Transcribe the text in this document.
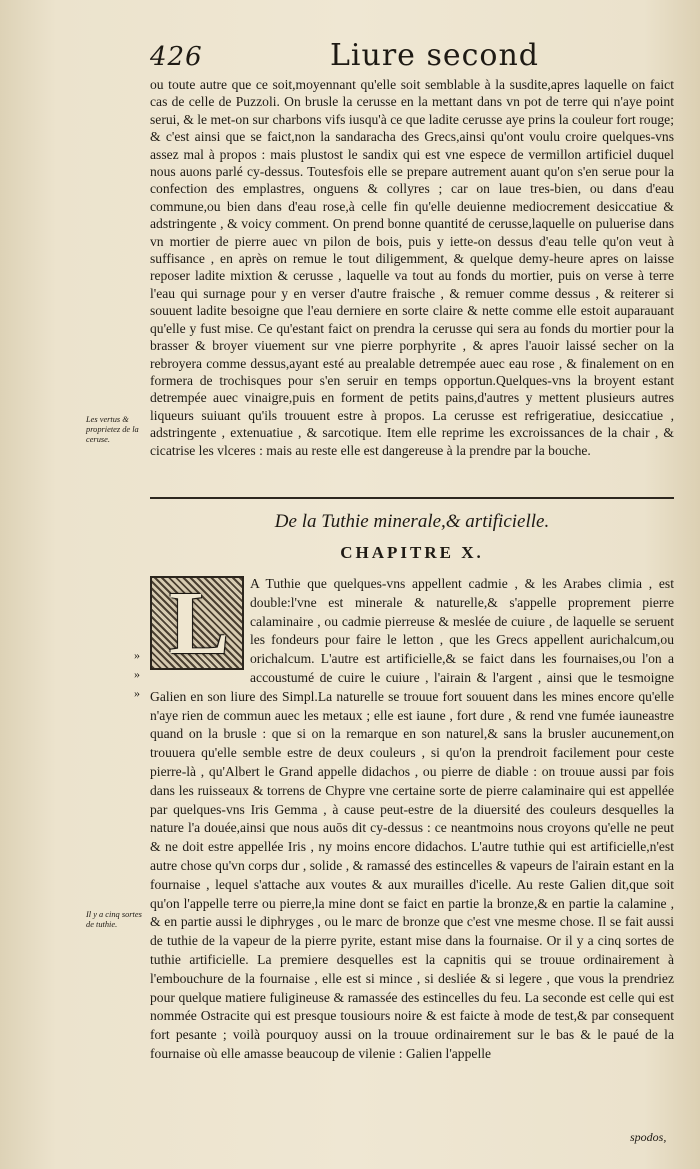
426	Liure second

ou toute autre que ce soit,moyennant qu'elle soit semblable à la susdite,apres laquelle on faict cas de celle de Puzzoli. On brusle la cerusse en la mettant dans vn pot de terre qui n'aye point serui, & le met-on sur charbons vifs iusqu'à ce que ladite cerusse aye prins la couleur fort rouge; & c'est ainsi que se faict,non la sandaracha des Grecs,ainsi qu'ont voulu croire quelques-vns assez mal à propos : mais plustost le sandix qui est vne espece de vermillon artificiel duquel nous auons parlé cy-dessus. Toutesfois elle se prepare autrement auant qu'on s'en serue pour la confection des emplastres, onguens & collyres ; car on laue tres-bien, ou dans d'eau commune,ou bien dans d'eau rose,à celle fin qu'elle deuienne mediocrement desiccatiue & adstringente , & voicy comment. On prend bonne quantité de cerusse,laquelle on puluerise dans vn mortier de pierre auec vn pilon de bois, puis y iette-on dessus d'eau telle qu'on veut à suffisance , en après on remue le tout diligemment, & quelque demy-heure apres on laisse reposer ladite mixtion & cerusse , laquelle va tout au fonds du mortier, puis on verse à terre l'eau qui surnage pour y en verser d'autre fraische , & remuer comme dessus , & reiterer si souuent ladite besoigne que l'eau derniere en sorte claire & nette comme elle estoit auparauant qu'elle y fust mise. Ce qu'estant faict on prendra la cerusse qui sera au fonds du mortier pour la brasser & broyer viuement sur vne pierre porphyrite , & apres l'auoir laissé secher on la rebroyera comme dessus,ayant esté au prealable detrempée auec eau rose , & finalement on en formera de trochisques pour s'en seruir en temps opportun.Quelques-vns la broyent estant detrempée auec vinaigre,puis en forment de petits pains,d'autres y mettent plusieurs autres liqueurs suiuant qu'ils trouuent estre à propos. La cerusse est refrigeratiue, desiccatiue , adstringente , extenuatiue , & sarcotique. Item elle reprime les excroissances de la chair , & cicatrise les vlceres : mais au reste elle est dangereuse à la prendre par la bouche.

Les vertus & proprietez de la ceruse.
De la Tuthie minerale,& artificielle.
CHAPITRE X.
L
»
»
»

A Tuthie que quelques-vns appellent cadmie , & les Arabes climia , est double:l'vne est minerale & naturelle,& s'appelle proprement pierre calaminaire , ou cadmie pierreuse & meslée de cuiure , de laquelle se seruent les fondeurs pour faire le letton , que les Grecs appellent aurichalcum,ou orichalcum. L'autre est artificielle,& se faict dans les fournaises,ou l'on a accoustumé de cuire le cuiure , l'airain & l'argent , ainsi que le tesmoigne Galien en son liure des Simpl.La naturelle se trouue fort souuent dans les mines encore qu'elle n'aye rien de commun auec les metaux ; elle est iaune , fort dure , & rend vne fumée iauneastre quand on la brusle : que si on la remarque en son naturel,& sans la brusler aucunement,on trouuera qu'elle semble estre de deux couleurs , si qu'on la prendroit facilement pour ceste pierre-là , qu'Albert le Grand appelle didachos , ou pierre de diable : on trouue aussi par fois dans les ruisseaux & torrens de Chypre vne certaine sorte de pierre calaminaire qui est appellée par quelques-vns Iris Gemma , à cause peut-estre de la diuersité des couleurs desquelles la nature l'a douée,ainsi que nous auōs dit cy-dessus : ce neantmoins nous croyons qu'elle ne peut & ne doit estre appellée Iris , ny moins encore didachos. L'autre tuthie qui est artificielle,n'est autre chose qu'vn corps dur , solide , & ramassé des estincelles & vapeurs de l'airain estant en la fournaise , lequel s'attache aux voutes & aux murailles d'icelle. Au reste Galien dit,que soit qu'on l'appelle terre ou pierre,la mine dont se faict en partie la bronze,& en partie la calamine , & en partie aussi le diphryges , ou le marc de bronze que c'est vne mesme chose. Il se fait aussi de tuthie de la vapeur de la pierre pyrite, estant mise dans la fournaise. Or il y a cinq sortes de tuthie artificielle. La premiere desquelles est la capnitis qui se trouue ordinairement à l'embouchure de la fournaise , elle est si mince , si desliée & si legere , que vous la prendriez pour quelque matiere fuligineuse & ramassée des estincelles du feu. La seconde est celle qui est nommée Ostracite qui est presque tousiours noire & est faicte à mode de test,& par consequent fort pesante ; voilà pourquoy aussi on la trouue ordinairement sur le bas & le paué de la fournaise où elle amasse beaucoup de vilenie : Galien l'appelle

Il y a cinq sortes de tuthie.
spodos,
